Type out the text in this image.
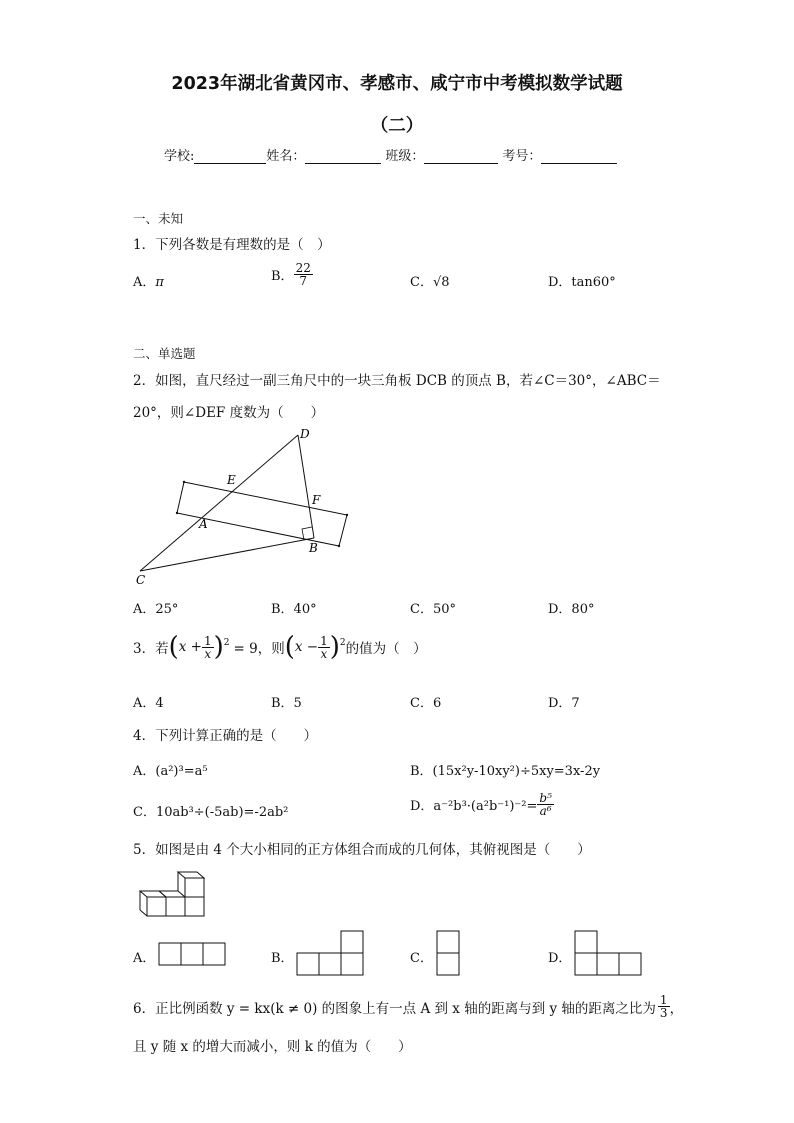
2023年湖北省黄冈市、孝感市、咸宁市中考模拟数学试题
（二）
学校:	姓名：	班级：	考号：
一、未知
1．下列各数是有理数的是（　）
A．π	B． $\frac{22}{7}$	C．√8	D．tan60°
二、单选题
2．如图，直尺经过一副三角尺中的一块三角板 DCB 的顶点 B，若∠C＝30°，∠ABC＝
20°，则∠DEF 度数为（　　）
D
E
F
A
B
C
A．25°	B．40°	C．50°	D．80°
3．若 ( $x + \frac{1}{x} )^2 = 9$，则 ( $x - \frac{1}{x} )^2$ 的值为（　）
A．4	B．5	C．6	D．7
4．下列计算正确的是（　　）
A．(a²)³=a⁵	B．(15x²y-10xy²)÷5xy=3x-2y
C．10ab³÷(-5ab)=-2ab²	D．$a^{-2}b^3\cdot(a^2b^{-1})^{-2}= \frac{\text{b⁵}}{\text{a⁶}}$
5．如图是由 4 个大小相同的正方体组合而成的几何体，其俯视图是（　　）
A．	B．	C．	D．
6．正比例函数 y = kx(k ≠ 0) 的图象上有一点 A 到 x 轴的距离与到 y 轴的距离之比为 $\frac{1}{3}$ ，
且 y 随 x 的增大而减小，则 k 的值为（　　）
